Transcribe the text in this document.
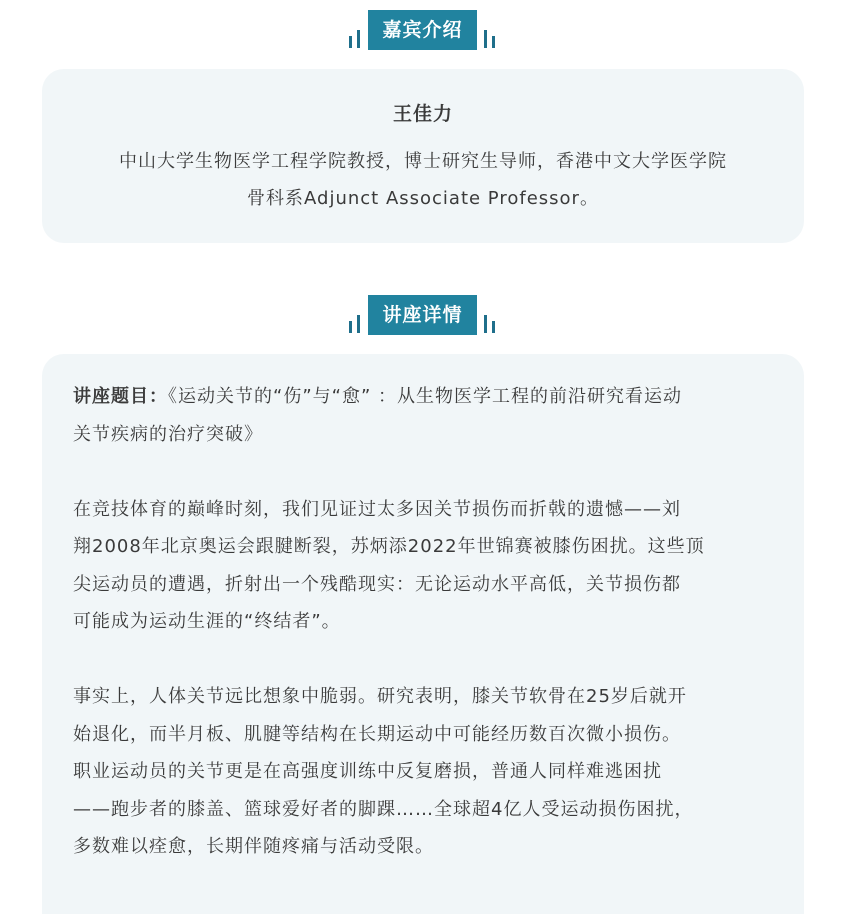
嘉宾介绍
王佳力
中山大学生物医学工程学院教授，博士研究生导师，香港中文大学医学院
骨科系Adjunct Associate Professor。
讲座详情
讲座题目：《运动关节的“伤”与“愈” ：从生物医学工程的前沿研究看运动
关节疾病的治疗突破》
在竞技体育的巅峰时刻，我们见证过太多因关节损伤而折戟的遗憾——刘
翔2008年北京奥运会跟腱断裂，苏炳添2022年世锦赛被膝伤困扰。这些顶
尖运动员的遭遇，折射出一个残酷现实：无论运动水平高低，关节损伤都
可能成为运动生涯的“终结者”。
事实上，人体关节远比想象中脆弱。研究表明，膝关节软骨在25岁后就开
始退化，而半月板、肌腱等结构在长期运动中可能经历数百次微小损伤。
职业运动员的关节更是在高强度训练中反复磨损，普通人同样难逃困扰
——跑步者的膝盖、篮球爱好者的脚踝……全球超4亿人受运动损伤困扰，
多数难以痊愈，长期伴随疼痛与活动受限。
